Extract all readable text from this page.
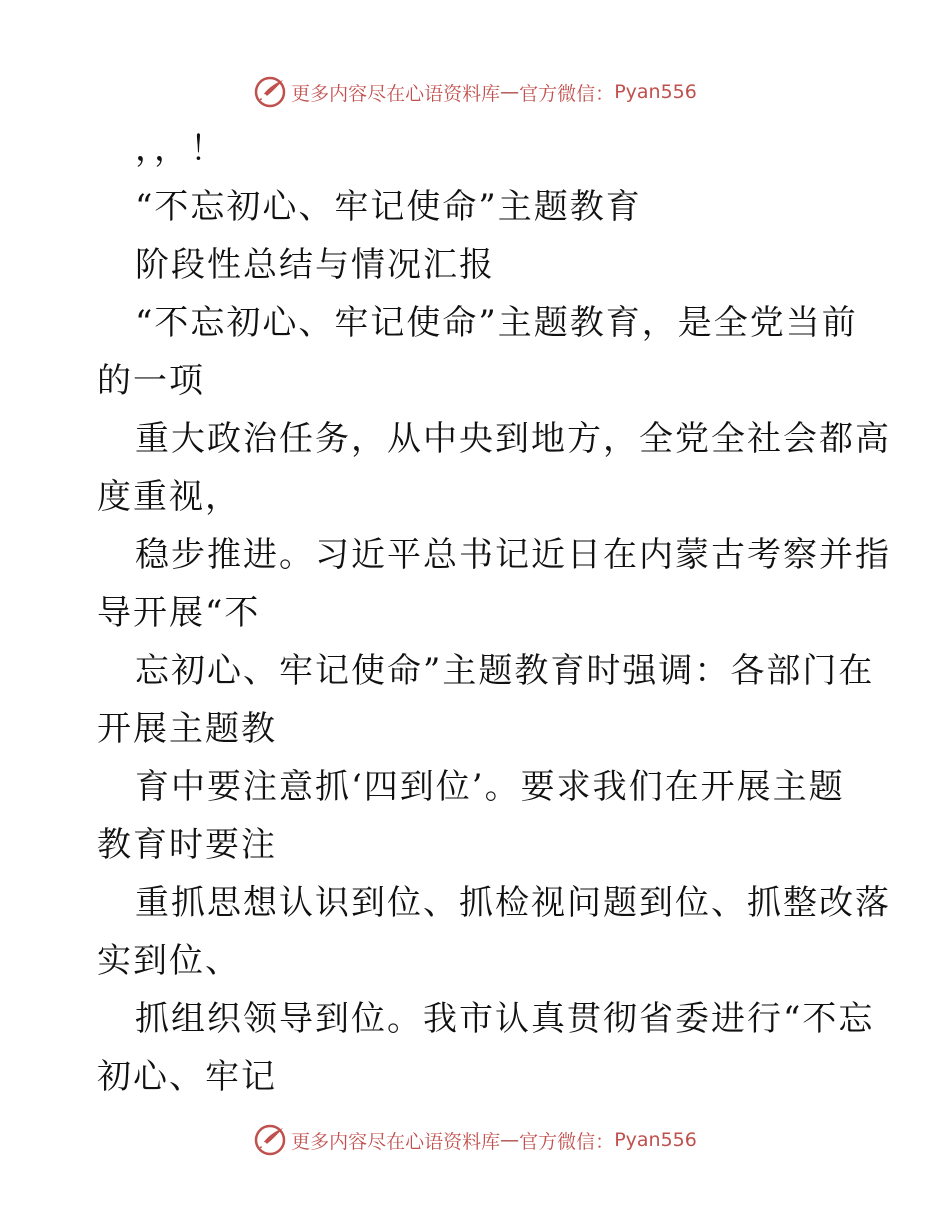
更多内容尽在心语资料库 — 官方微信： Pyan556

，，！

“不忘初心、牢记使命”主题教育

阶段性总结与情况汇报

“不忘初心、牢记使命”主题教育，是全党当前
的一项

重大政治任务，从中央到地方，全党全社会都高
度重视，

稳步推进。习近平总书记近日在内蒙古考察并指
导开展“不

忘初心、牢记使命”主题教育时强调：各部门在
开展主题教

育中要注意抓‘四到位’。要求我们在开展主题
教育时要注

重抓思想认识到位、抓检视问题到位、抓整改落
实到位、

抓组织领导到位。我市认真贯彻省委进行“不忘
初心、牢记

更多内容尽在心语资料库 — 官方微信： Pyan556
